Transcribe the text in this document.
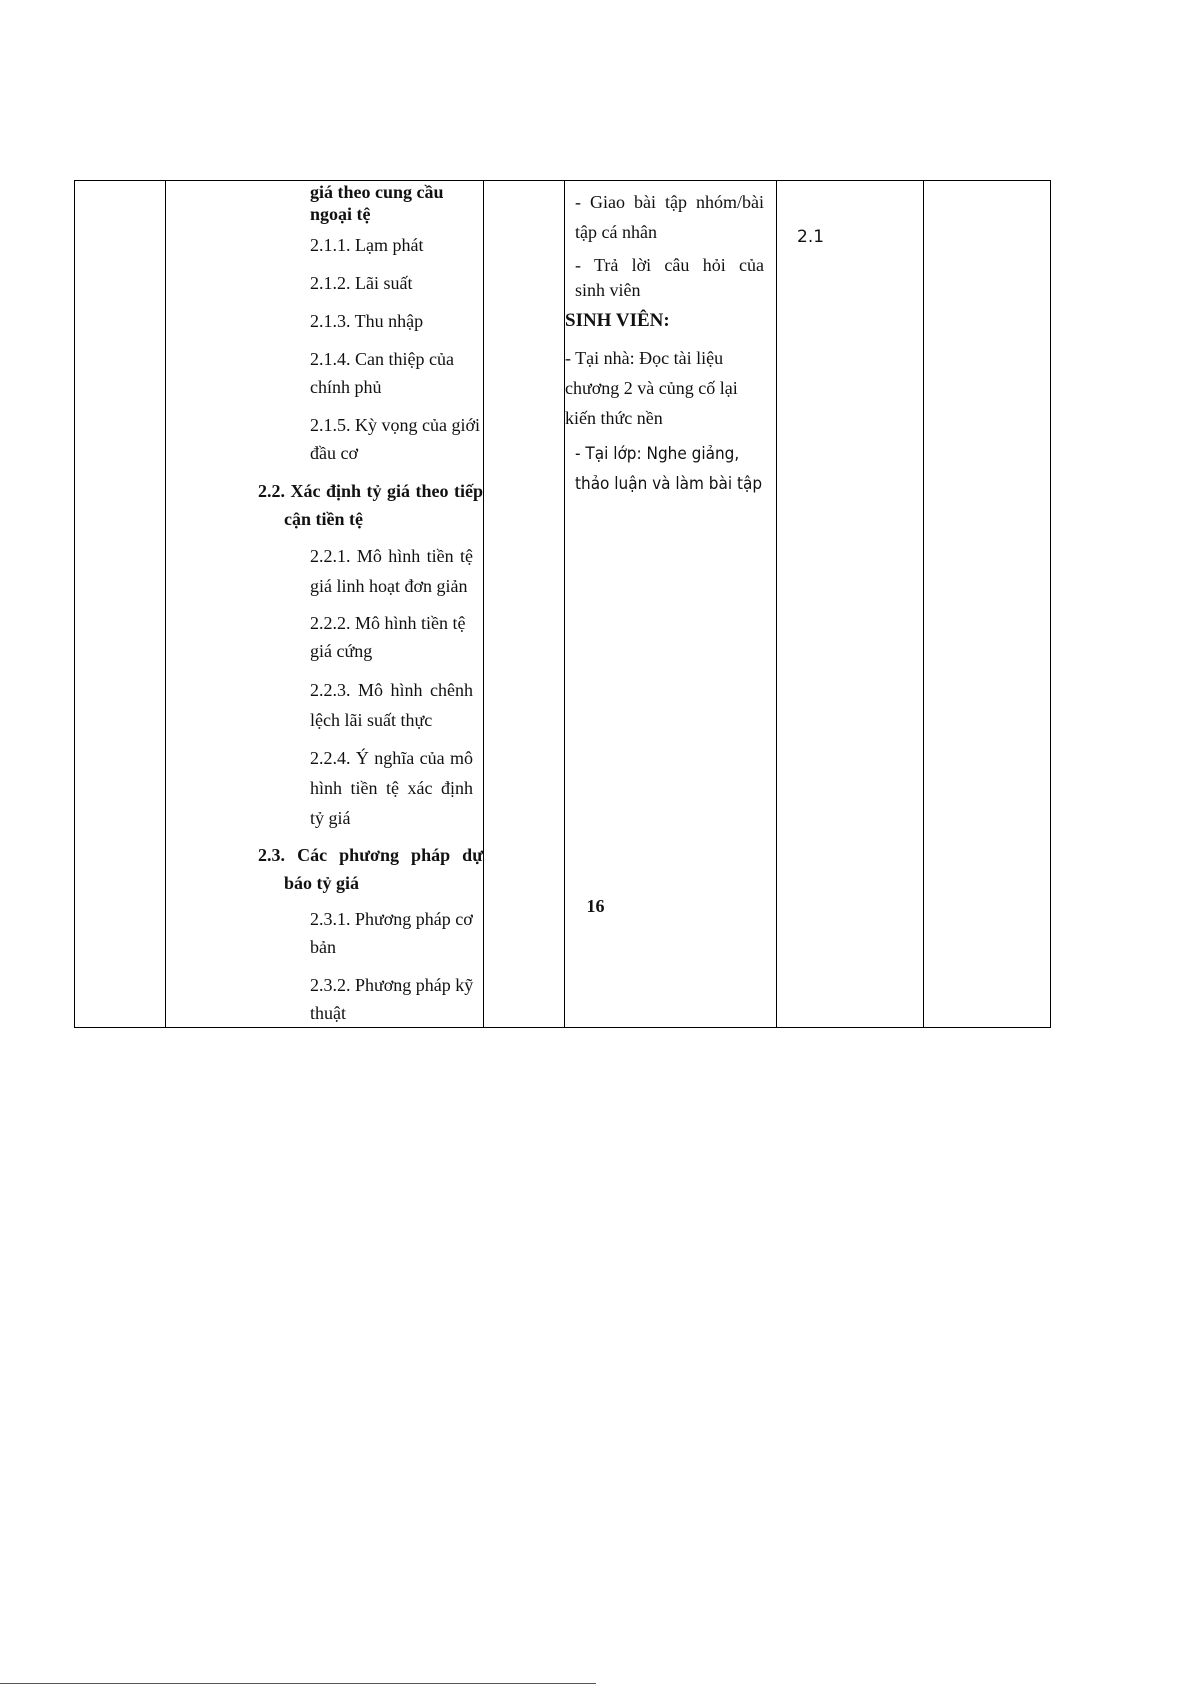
giá theo cung cầu ngoại tệ
2.1.1. Lạm phát
2.1.2. Lãi suất
2.1.3. Thu nhập
2.1.4. Can thiệp của chính phủ
2.1.5. Kỳ vọng của giới đầu cơ
2.2. Xác định tỷ giá theo tiếp cận tiền tệ
2.2.1. Mô hình tiền tệ giá linh hoạt đơn giản
2.2.2. Mô hình tiền tệ giá cứng
2.2.3. Mô hình chênh lệch lãi suất thực
2.2.4. Ý nghĩa của mô hình tiền tệ xác định tỷ giá
2.3. Các phương pháp dự báo tỷ giá
2.3.1. Phương pháp cơ bản
2.3.2. Phương pháp kỹ thuật

- Giao bài tập nhóm/bài tập cá nhân
- Trả lời câu hỏi của
sinh viên
SINH VIÊN:
- Tại nhà: Đọc tài liệu chương 2 và củng cố lại kiến thức nền
- Tại lớp: Nghe giảng, thảo luận và làm bài tập

2.1

16
